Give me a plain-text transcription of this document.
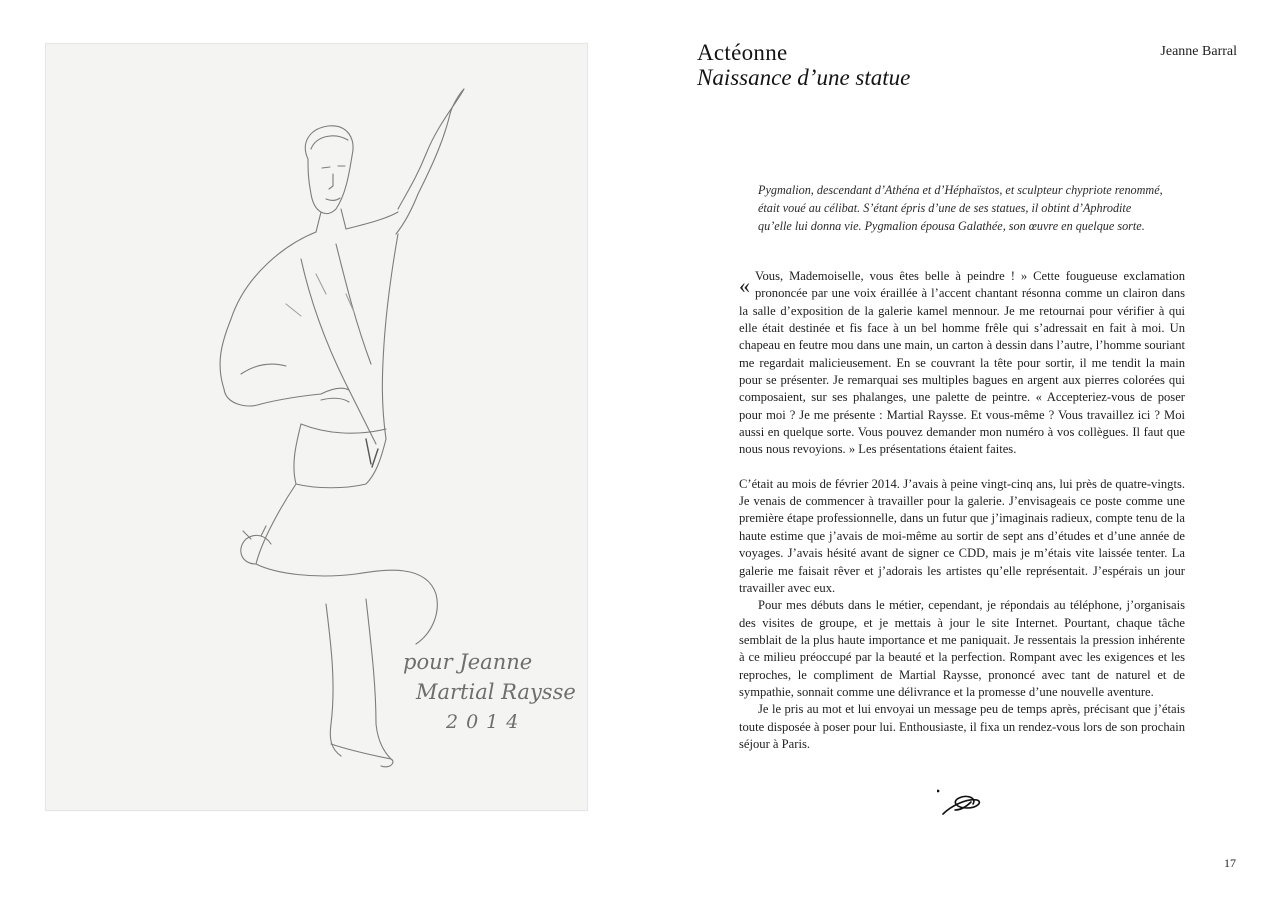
pour Jeanne
Martial Raysse
2014
Actéonne
Naissance d’une statue
Jeanne Barral
Pygmalion, descendant d’Athéna et d’Héphaïstos, et sculpteur chypriote renommé, était voué au célibat. S’étant épris d’une de ses statues, il obtint d’Aphrodite qu’elle lui donna vie. Pygmalion épousa Galathée, son œuvre en quelque sorte.

« Vous, Mademoiselle, vous êtes belle à peindre ! » Cette fougueuse exclamation prononcée par une voix éraillée à l’accent chantant résonna comme un clairon dans la salle d’exposition de la galerie kamel mennour. Je me retournai pour vérifier à qui elle était destinée et fis face à un bel homme frêle qui s’adressait en fait à moi. Un chapeau en feutre mou dans une main, un carton à dessin dans l’autre, l’homme souriant me regardait malicieusement. En se couvrant la tête pour sortir, il me tendit la main pour se présenter. Je remarquai ses multiples bagues en argent aux pierres colorées qui composaient, sur ses phalanges, une palette de peintre. « Accepteriez-vous de poser pour moi ? Je me présente : Martial Raysse. Et vous-même ? Vous travaillez ici ? Moi aussi en quelque sorte. Vous pouvez demander mon numéro à vos collègues. Il faut que nous nous revoyions. » Les présentations étaient faites.

C’était au mois de février 2014. J’avais à peine vingt-cinq ans, lui près de quatre-vingts. Je venais de commencer à travailler pour la galerie. J’envisageais ce poste comme une première étape professionnelle, dans un futur que j’imaginais radieux, compte tenu de la haute estime que j’avais de moi-même au sortir de sept ans d’études et d’une année de voyages. J’avais hésité avant de signer ce CDD, mais je m’étais vite laissée tenter. La galerie me faisait rêver et j’adorais les artistes qu’elle représentait. J’espérais un jour travailler avec eux.

Pour mes débuts dans le métier, cependant, je répondais au téléphone, j’organisais des visites de groupe, et je mettais à jour le site Internet. Pourtant, chaque tâche semblait de la plus haute importance et me paniquait. Je ressentais la pression inhérente à ce milieu préoccupé par la beauté et la perfection. Rompant avec les exigences et les reproches, le compliment de Martial Raysse, prononcé avec tant de naturel et de sympathie, sonnait comme une délivrance et la promesse d’une nouvelle aventure.

Je le pris au mot et lui envoyai un message peu de temps après, précisant que j’étais toute disposée à poser pour lui. Enthousiaste, il fixa un rendez-vous lors de son prochain séjour à Paris.

17
